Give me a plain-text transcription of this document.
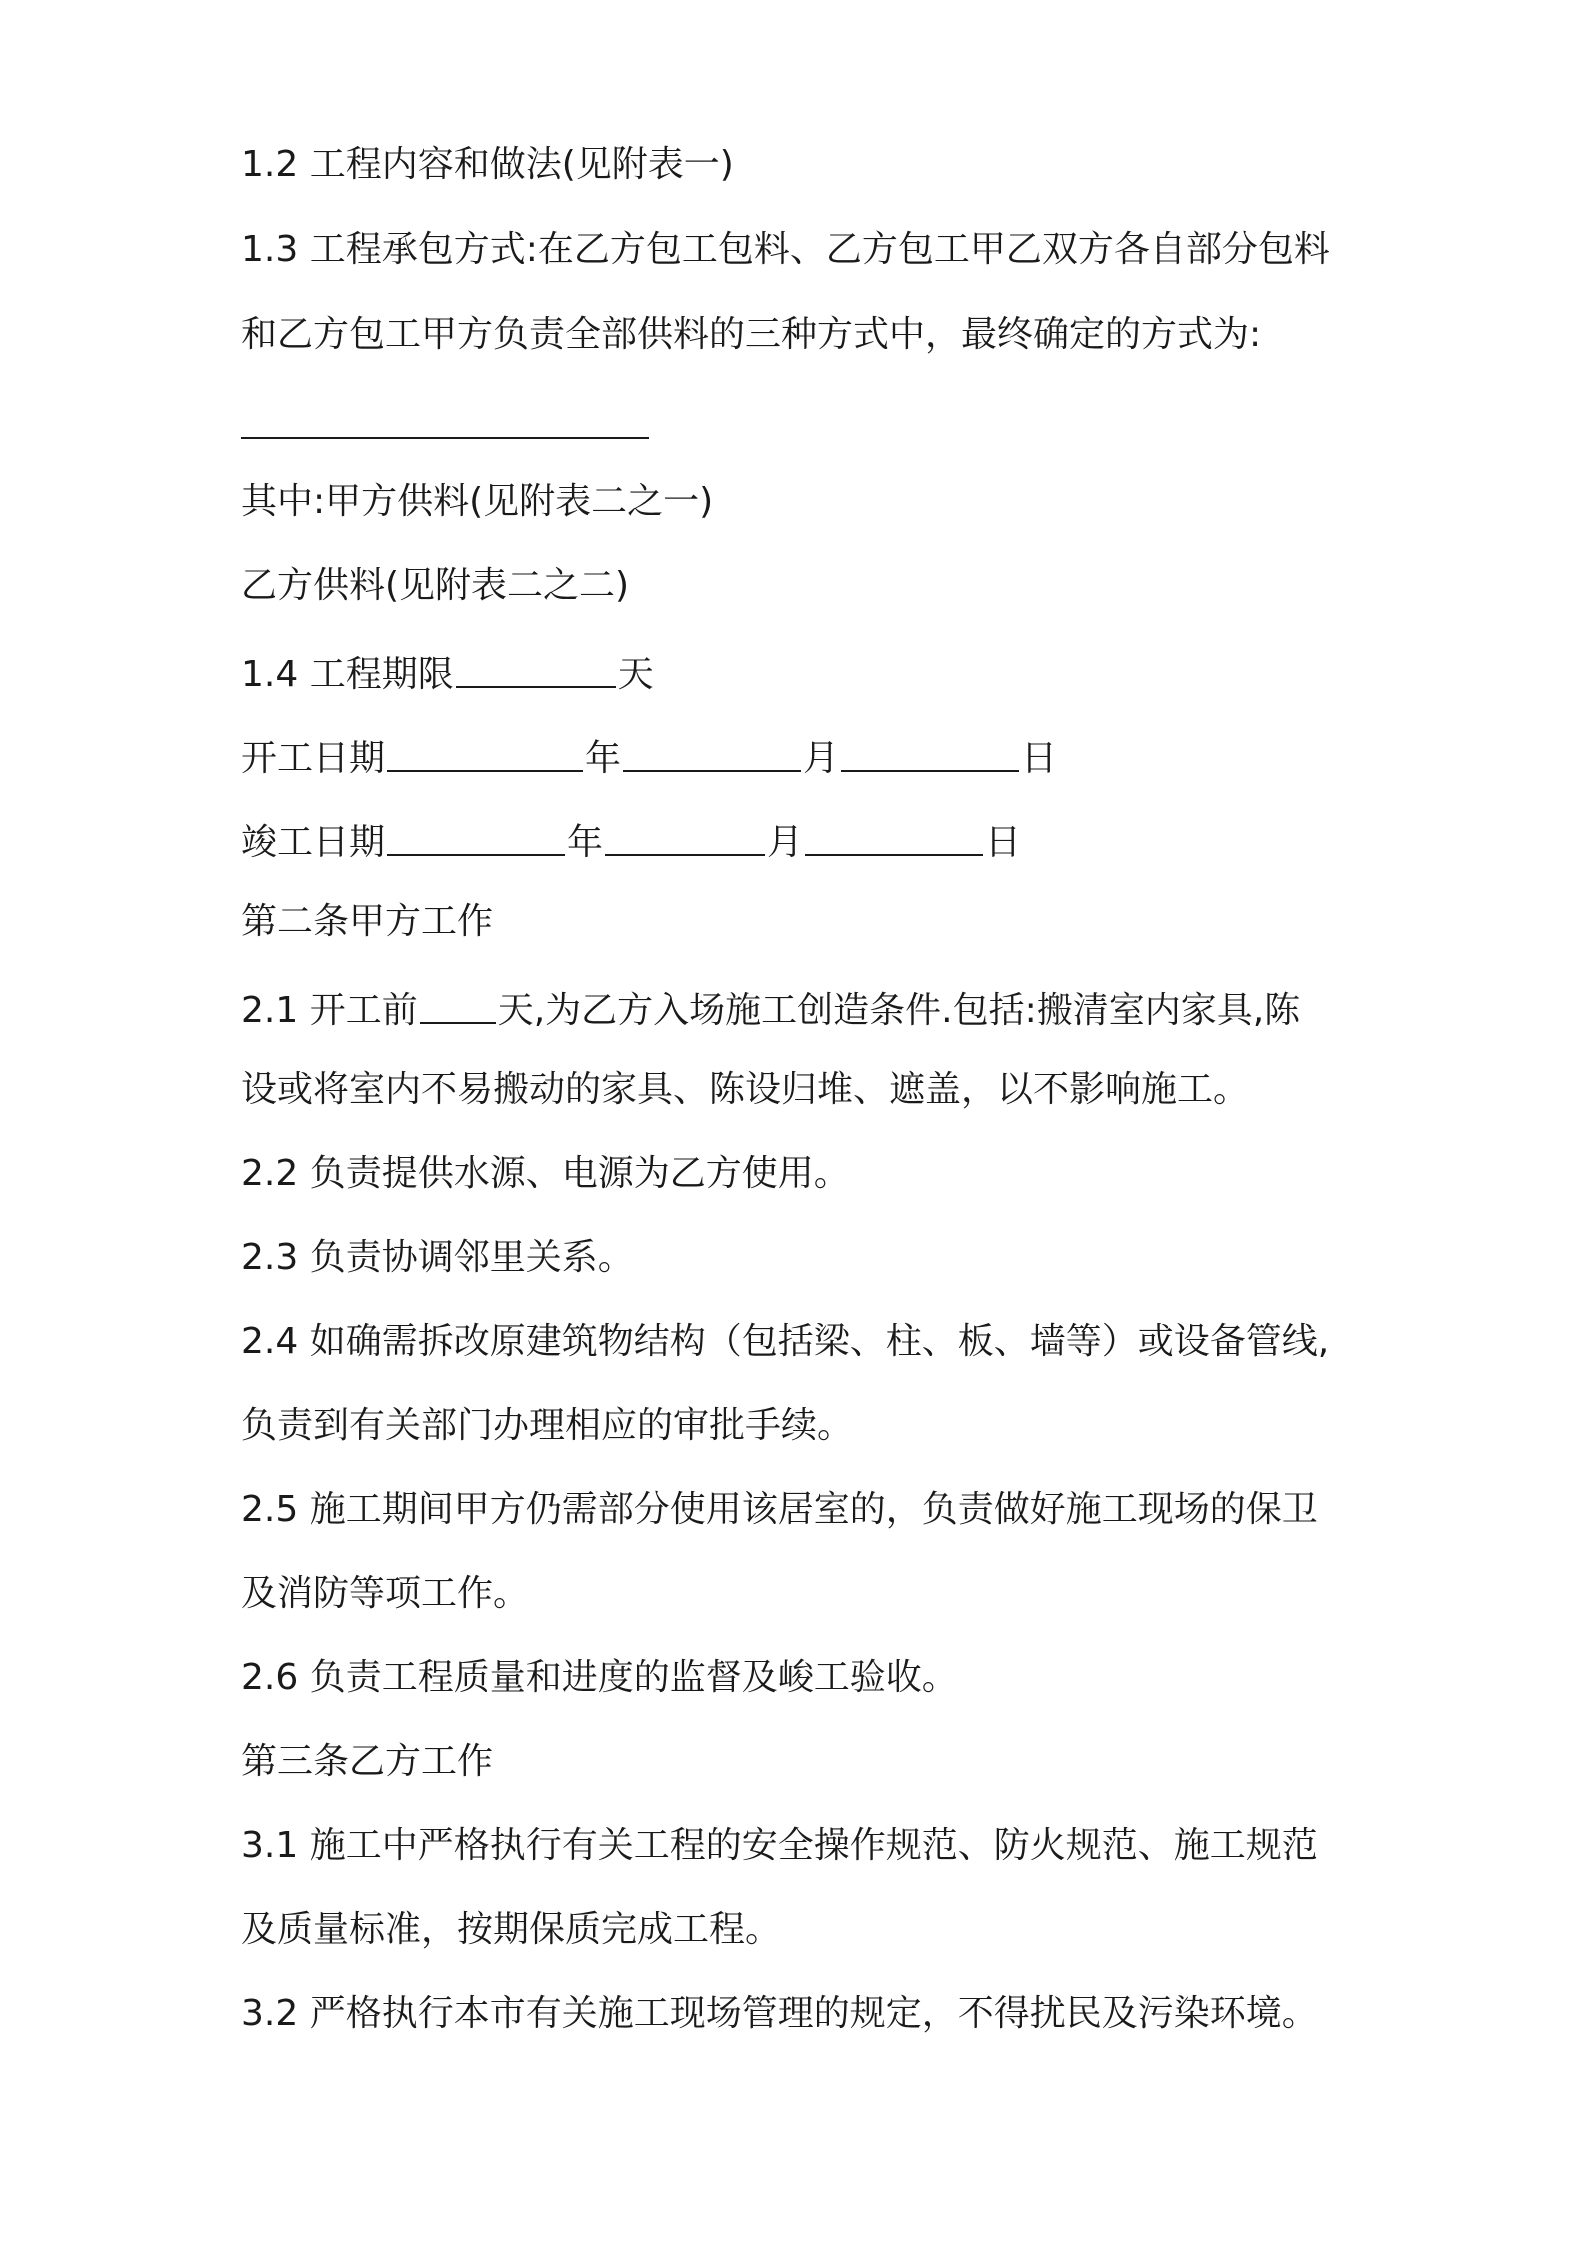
1.2 工程内容和做法(见附表一)
1.3 工程承包方式:在乙方包工包料、乙方包工甲乙双方各自部分包料
和乙方包工甲方负责全部供料的三种方式中，最终确定的方式为:
其中:甲方供料(见附表二之一)
乙方供料(见附表二之二)
1.4 工程期限	天
开工日期	年	月	日
竣工日期	年	月	日
第二条甲方工作
2.1 开工前 天,为乙方入场施工创造条件.包括:搬清室内家具,陈
设或将室内不易搬动的家具、陈设归堆、遮盖，以不影响施工。
2.2 负责提供水源、电源为乙方使用。
2.3 负责协调邻里关系。
2.4 如确需拆改原建筑物结构（包括梁、柱、板、墙等）或设备管线,
负责到有关部门办理相应的审批手续。
2.5 施工期间甲方仍需部分使用该居室的，负责做好施工现场的保卫
及消防等项工作。
2.6 负责工程质量和进度的监督及峻工验收。
第三条乙方工作
3.1 施工中严格执行有关工程的安全操作规范、防火规范、施工规范
及质量标准，按期保质完成工程。
3.2 严格执行本市有关施工现场管理的规定，不得扰民及污染环境。
